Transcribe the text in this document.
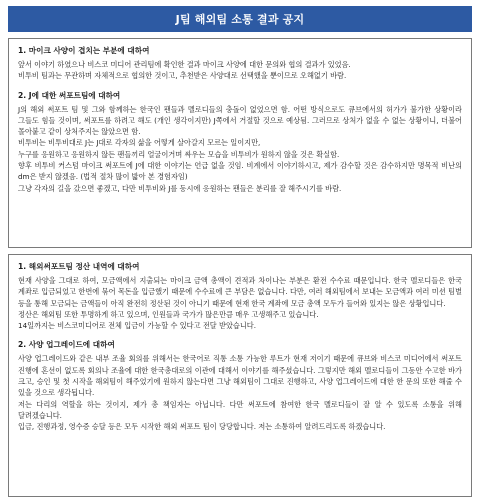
J팀 해외팀 소통 결과 공지
1. 마이크 사양이 겹치는 부분에 대하여

앞서 이야기 하였으나 비스코 미디어 관리팀에 확인한 결과 마이크 사양에 대한 문의와 협의 결과가 있었음.

비투비 팀과는 무관하며 자체적으로 협의한 것이고, 추천받은 사양대로 선택했을 뿐이므로 오해없기 바람.

2. J에 대한 써포트팀에 대하여

J의 해외 써포트 팀 및 그와 함께하는 한국인 팬들과 멜로디들의 충돌이 없었으면 함. 어떤 방식으로도 큐브에서의 허가가 불가한 상황이라 그들도 힘들 것이며, 써포트를 하려고 해도 (개인 생각이지만) J쪽에서 거절할 것으로 예상됨. 그러므로 상처가 없을 수 없는 상황이니, 더불어 몰아붙고 같이 상처주지는 않았으면 함.

비투비는 비투비대로 J는 J대로 각자의 삶을 어떻게 살아갈지 모르는 일이지만,

누구를 응원하고 응원하지 않든 팬들끼리 얼굴이거며 싸우는 모습을 비투비가 원하지 않을 것은 확실함.

향후 비투비 커스텀 마이크 써포트에 J에 대한 이야기는 언급 없을 것임. 비계에서 이야기하시고, 제가 감수할 것은 감수하지만 명목적 비난의 dm은 받지 않겠음. (법적 절차 많이 밟아 본 경험자임)

그냥 각자의 길을 갔으면 좋겠고, 다만 비투비와 J를 동시에 응원하는 팬들은 분리를 잘 해주시기를 바람.

1. 해외써포트팀 정산 내역에 대하여

현재 사양을 그대로 하여, 모금액에서 지출되는 마이크 금액 총액이 견적과 차이나는 부분은 환전 수수료 때문입니다. 한국 멜로디들은 한국 계좌로 입금되었고 한번에 묶어 목돈을 입금했기 때문에 수수료에 큰 부담은 없습니다. 다만, 여러 해외팀에서 보내는 모금액과 여러 미션 팀별 등을 통해 모금되는 금액들이 아직 완전히 정산된 것이 아니기 때문에 현재 한국 계좌에 모금 총액 모두가 들어와 있지는 않은 상황입니다.

정산은 해외팀 또한 투명하게 하고 있으며, 인원들과 국가가 많은만큼 매우 고생해주고 있습니다.

14일까지는 비스코미디어로 전체 입금이 가능할 수 있다고 전달 받았습니다.

2. 사양 업그레이드에 대하여

사양 업그레이드와 같은 내부 조율 회의를 위해서는 한국어로 직통 소통 가능한 루트가 현재 저이기 때문에 큐브와 비스코 미디어에서 써포트 진행에 혼선이 없도록 회의나 조율에 대한 한국총대로의 이관에 대해서 이야기를 해주셨습니다. 그렇지만 해외 멜로디들이 그동안 수고한 바가 크고, 승인 및 첫 시작을 해외팀이 해주었기에 원하지 않는다면 그냥 해외팀이 그대로 진행하고, 사양 업그레이드에 대한 한 문의 또한 해줄 수 있을 것으로 생각됩니다.

저는 다리의 역할을 하는 것이지, 제가 총 책임자는 아닙니다. 다만 써포트에 참여한 한국 멜로디들이 잘 알 수 있도록 소통을 위해 달려겠습니다.

입금, 진행과정, 영수증 승달 등은 모두 시작한 해외 써포트 팀이 당당합니다. 저는 소통하여 알려드리도록 하겠습니다.
